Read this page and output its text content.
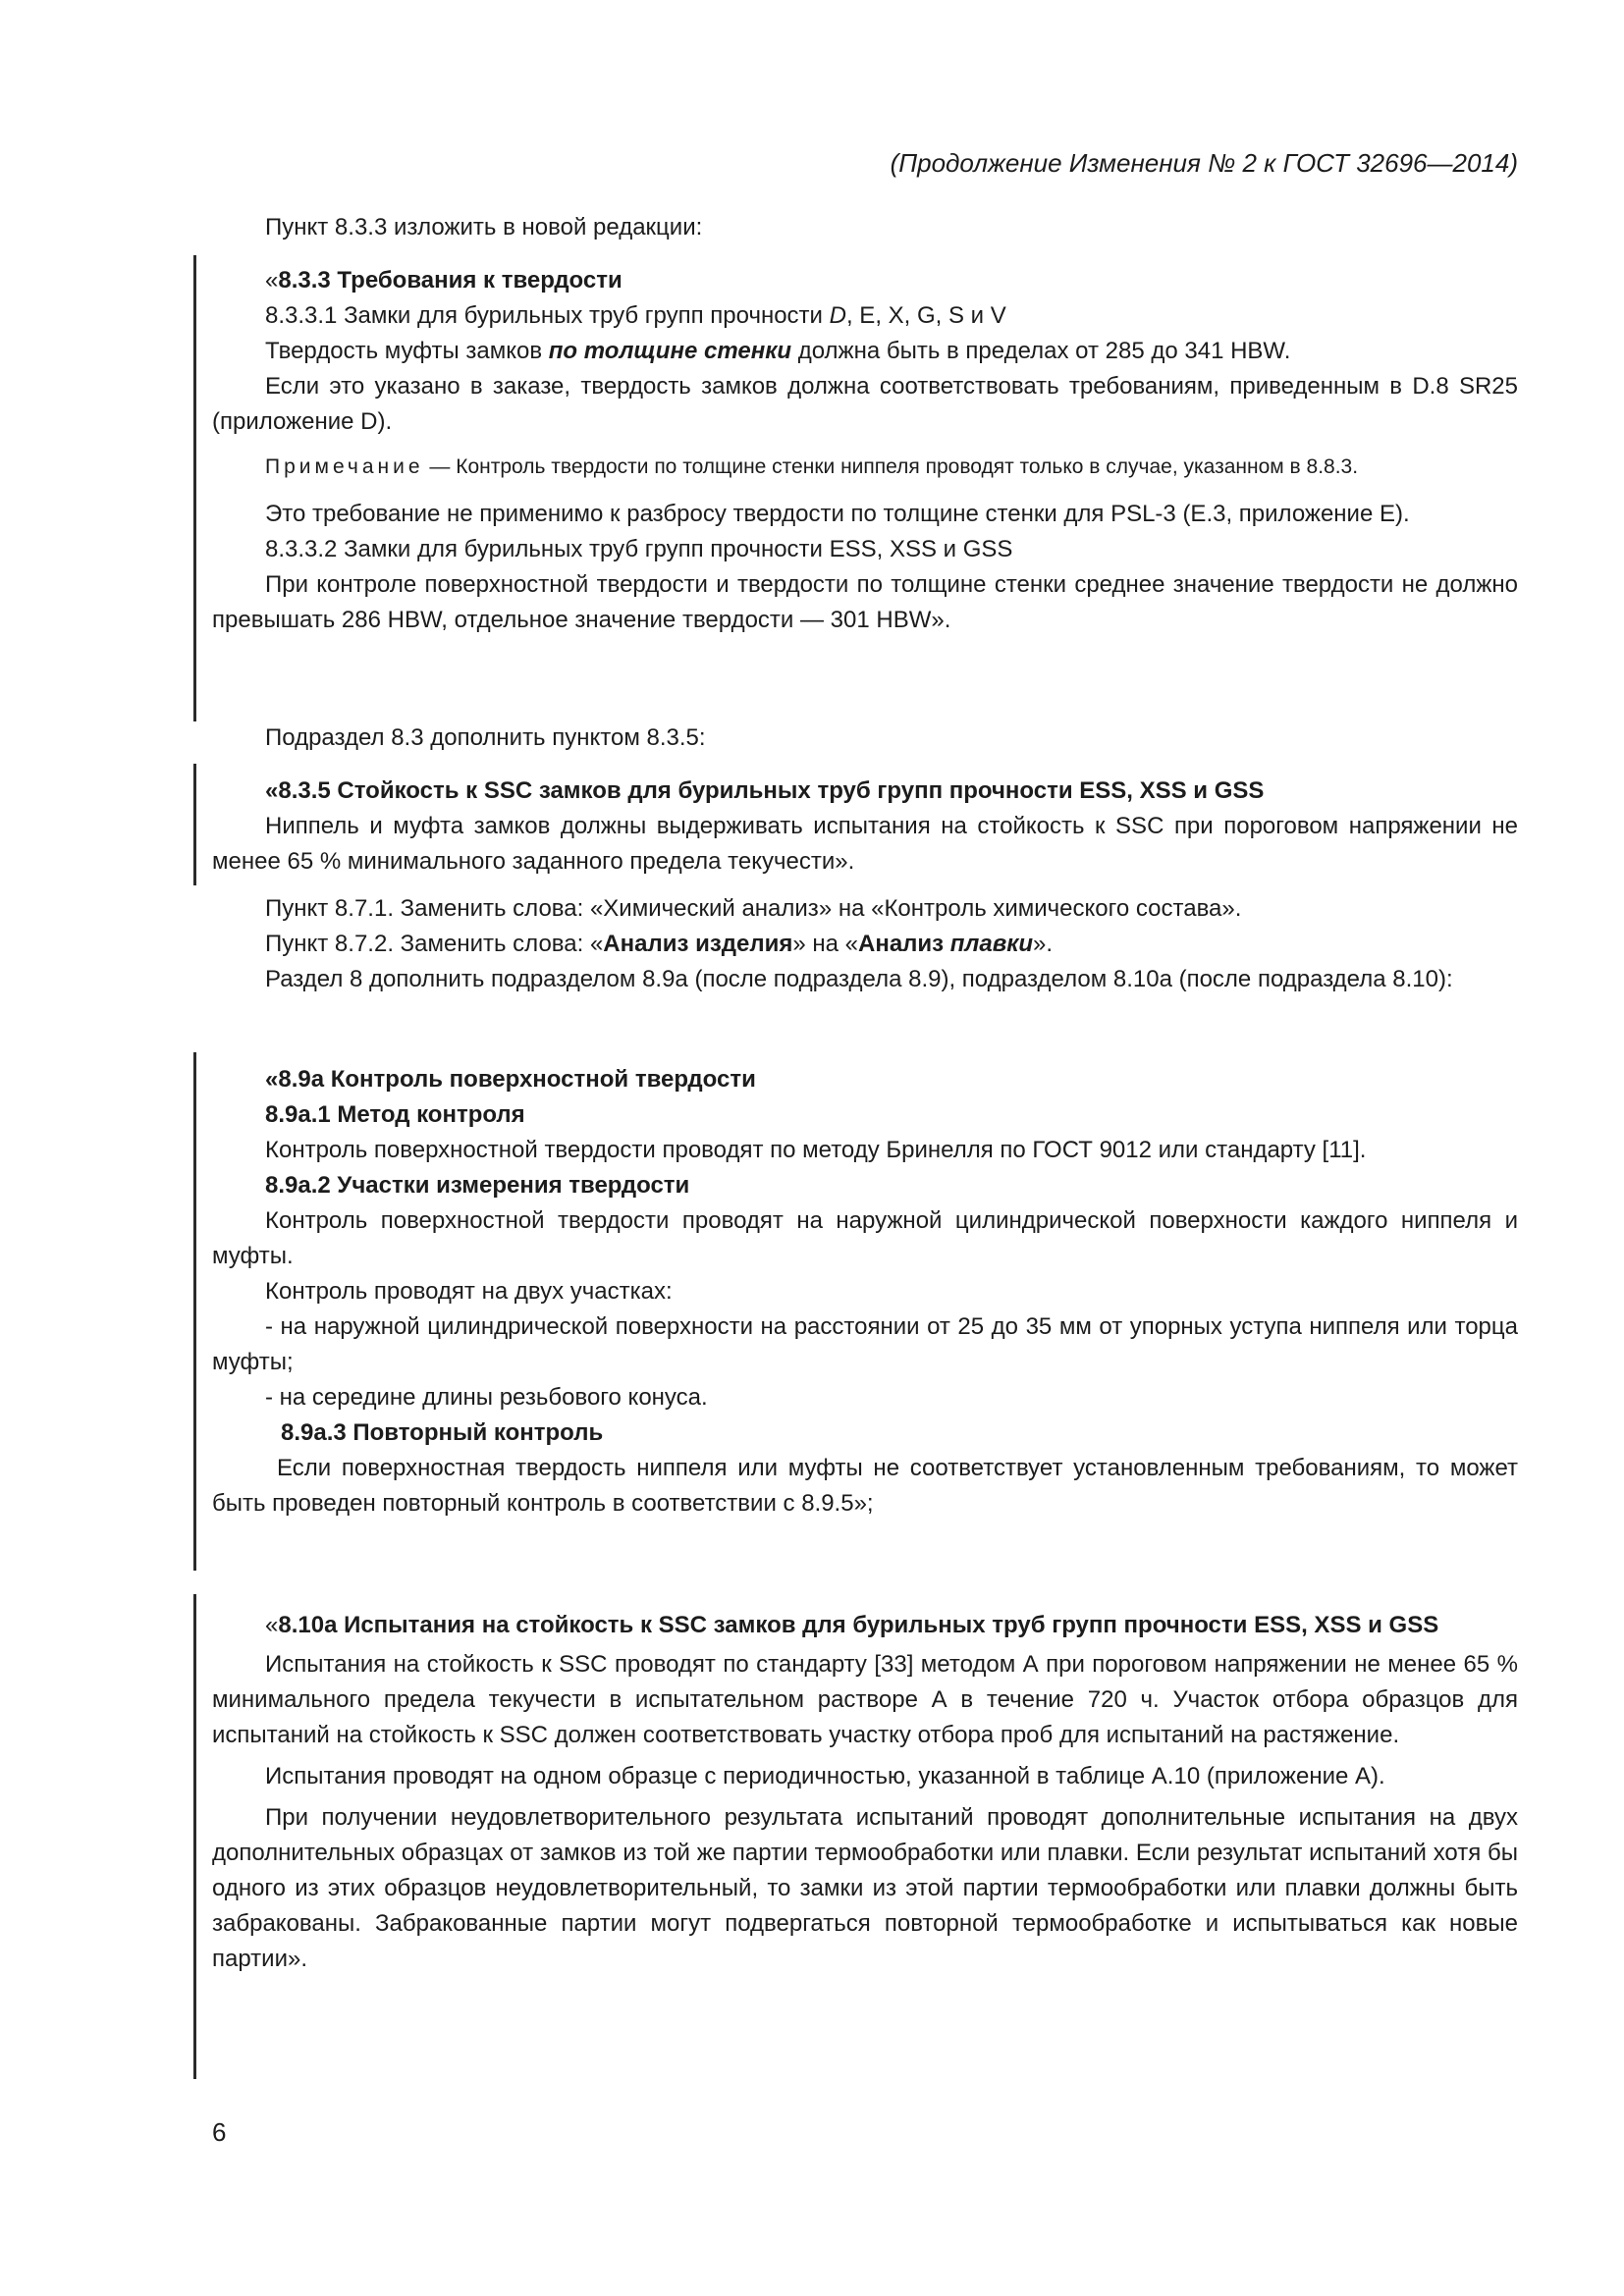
(Продолжение Изменения № 2 к ГОСТ 32696—2014)

Пункт 8.3.3 изложить в новой редакции:

«8.3.3 Требования к твердости

8.3.3.1 Замки для бурильных труб групп прочности D, E, X, G, S и V

Твердость муфты замков по толщине стенки должна быть в пределах от 285 до 341 HBW.

Если это указано в заказе, твердость замков должна соответствовать требованиям, приведенным в D.8 SR25 (приложение D).

Примечание — Контроль твердости по толщине стенки ниппеля проводят только в случае, указанном в 8.8.3.

Это требование не применимо к разбросу твердости по толщине стенки для PSL-3 (E.3, приложение E).

8.3.3.2 Замки для бурильных труб групп прочности ESS, XSS и GSS

При контроле поверхностной твердости и твердости по толщине стенки среднее значение твердости не должно превышать 286 HBW, отдельное значение твердости — 301 HBW».

Подраздел 8.3 дополнить пунктом 8.3.5:

«8.3.5 Стойкость к SSC замков для бурильных труб групп прочности ESS, XSS и GSS

Ниппель и муфта замков должны выдерживать испытания на стойкость к SSC при пороговом напряжении не менее 65 % минимального заданного предела текучести».

Пункт 8.7.1. Заменить слова: «Химический анализ» на «Контроль химического состава».

Пункт 8.7.2. Заменить слова: «Анализ изделия» на «Анализ плавки».

Раздел 8 дополнить подразделом 8.9а (после подраздела 8.9), подразделом 8.10а (после подраздела 8.10):

«8.9а Контроль поверхностной твердости

8.9а.1 Метод контроля

Контроль поверхностной твердости проводят по методу Бринелля по ГОСТ 9012 или стандарту [11].

8.9а.2 Участки измерения твердости

Контроль поверхностной твердости проводят на наружной цилиндрической поверхности каждого ниппеля и муфты.

Контроль проводят на двух участках:

- на наружной цилиндрической поверхности на расстоянии от 25 до 35 мм от упорных уступа ниппеля или торца муфты;

- на середине длины резьбового конуса.

8.9а.3 Повторный контроль

Если поверхностная твердость ниппеля или муфты не соответствует установленным требованиям, то может быть проведен повторный контроль в соответствии с 8.9.5»;

«8.10а Испытания на стойкость к SSC замков для бурильных труб групп прочности ESS, XSS и GSS

Испытания на стойкость к SSC проводят по стандарту [33] методом А при пороговом напряжении не менее 65 % минимального предела текучести в испытательном растворе А в течение 720 ч. Участок отбора образцов для испытаний на стойкость к SSC должен соответствовать участку отбора проб для испытаний на растяжение.

Испытания проводят на одном образце с периодичностью, указанной в таблице А.10 (приложение А).

При получении неудовлетворительного результата испытаний проводят дополнительные испытания на двух дополнительных образцах от замков из той же партии термообработки или плавки. Если результат испытаний хотя бы одного из этих образцов неудовлетворительный, то замки из этой партии термообработки или плавки должны быть забракованы. Забракованные партии могут подвергаться повторной термообработке и испытываться как новые партии».

6
